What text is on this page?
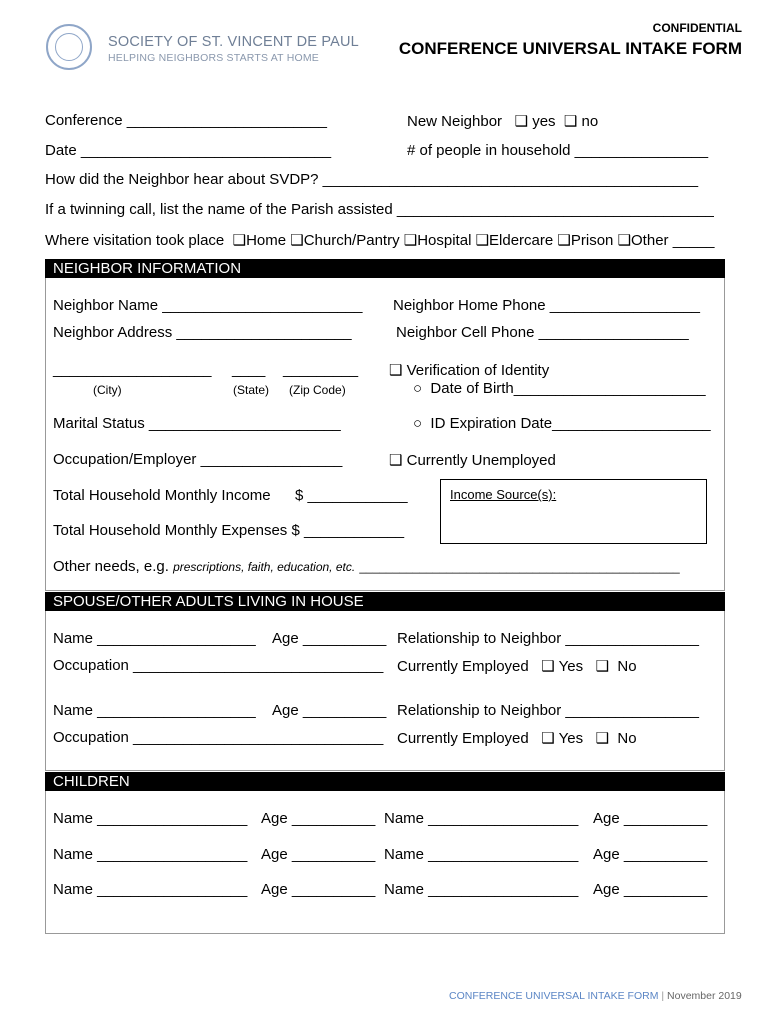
SOCIETY OF ST. VINCENT DE PAUL
HELPING NEIGHBORS STARTS AT HOME
CONFIDENTIAL
CONFERENCE UNIVERSAL INTAKE FORM
Conference ________________________	New Neighbor ❑ yes ❑ no
Date ______________________________	# of people in household ________________
How did the Neighbor hear about SVDP? _____________________________________________
If a twinning call, list the name of the Parish assisted ______________________________________
Where visitation took place ❑Home ❑Church/Pantry ❑Hospital ❑Eldercare ❑Prison ❑Other _____
NEIGHBOR INFORMATION
Neighbor Name ________________________ Neighbor Home Phone __________________
Neighbor Address _____________________	Neighbor Cell Phone __________________
___________________ ____ _________
(City)	(State) (Zip Code)
❑ Verification of Identity
○ Date of Birth_______________________
Marital Status _______________________	○ ID Expiration Date___________________
Occupation/Employer _________________	❑ Currently Unemployed
Total Household Monthly Income $ ____________	Income Source(s):
Total Household Monthly Expenses $ ____________
Other needs, e.g. prescriptions, faith, education, etc. ________________________________________________
SPOUSE/OTHER ADULTS LIVING IN HOUSE
Name ___________________ Age __________ Relationship to Neighbor ________________
Occupation ______________________________ Currently Employed ❑ Yes ❑ No
Name ___________________ Age __________ Relationship to Neighbor ________________
Occupation ______________________________ Currently Employed ❑ Yes ❑ No
CHILDREN
Name __________________ Age __________ Name __________________ Age __________
Name __________________ Age __________ Name __________________ Age __________
Name __________________ Age __________ Name __________________ Age __________
CONFERENCE UNIVERSAL INTAKE FORM | November 2019
